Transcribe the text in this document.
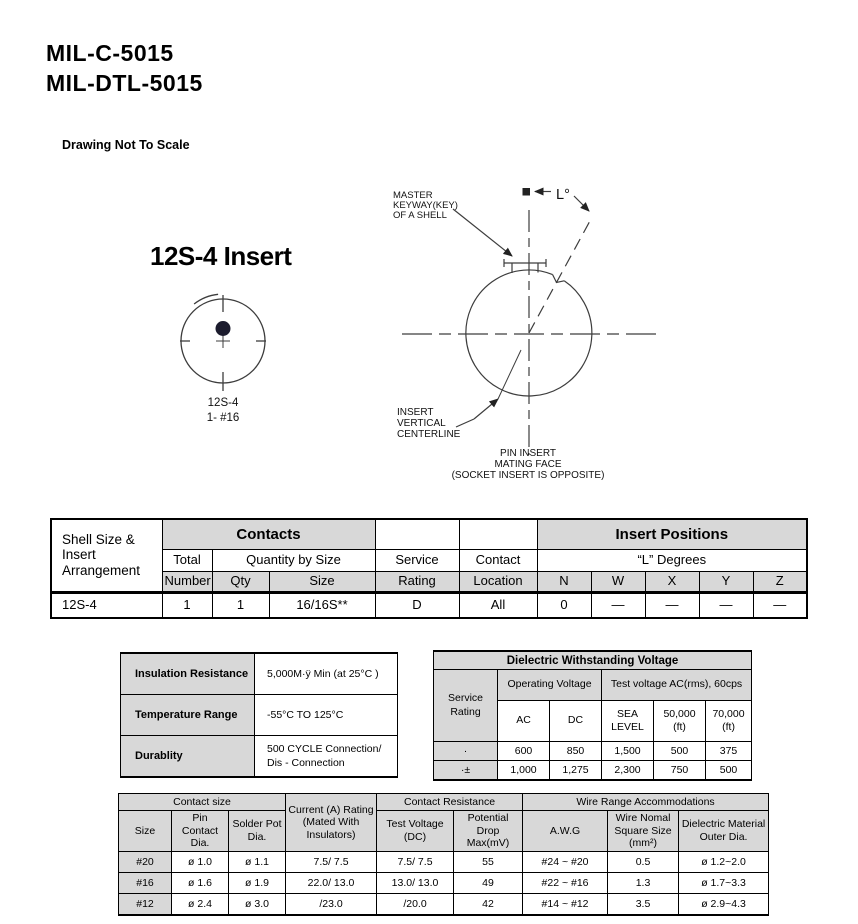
MIL-C-5015
MIL-DTL-5015
Drawing Not To Scale
12S-4 Insert
12S-4
1- #16
L°
MASTER
KEYWAY(KEY)
OF A SHELL
INSERT
VERTICAL
CENTERLINE
PIN INSERT
MATING FACE
(SOCKET INSERT IS OPPOSITE)
Shell Size & Insert Arrangement	Contacts					Insert Positions				
	Total	Quantity by Size		Service	Contact	“L” Degrees				
	Number	Qty	Size	Rating	Location	N	W	X	Y	Z
12S-4	1	1	16/16S**	D	All	0	—	—	—	—
Insulation Resistance	5,000M·ÿ Min (at 25°C )
Temperature Range	-55°C TO 125°C
Durablity	500 CYCLE Connection/ Dis - Connection
Dielectric Withstanding Voltage					
Service Rating	Operating Voltage		Test voltage AC(rms), 60cps		
	AC	DC	SEA LEVEL	50,000 (ft)	70,000 (ft)
·	600	850	1,500	500	375
·±	1,000	1,275	2,300	750	500
Contact size			Current (A) Rating (Mated With Insulators)	Contact Resistance		Wire Range Accommodations		
Size	Pin Contact Dia.	Solder Pot Dia.		Test Voltage (DC)	Potential Drop Max(mV)	A.W.G	Wire Nomal Square Size (mm²)	Dielectric Material Outer Dia.
#20	ø 1.0	ø 1.1	7.5/ 7.5	7.5/ 7.5	55	#24 ~ #20	0.5	ø 1.2~2.0
#16	ø 1.6	ø 1.9	22.0/ 13.0	13.0/ 13.0	49	#22 ~ #16	1.3	ø 1.7~3.3
#12	ø 2.4	ø 3.0	/23.0	/20.0	42	#14 ~ #12	3.5	ø 2.9~4.3
